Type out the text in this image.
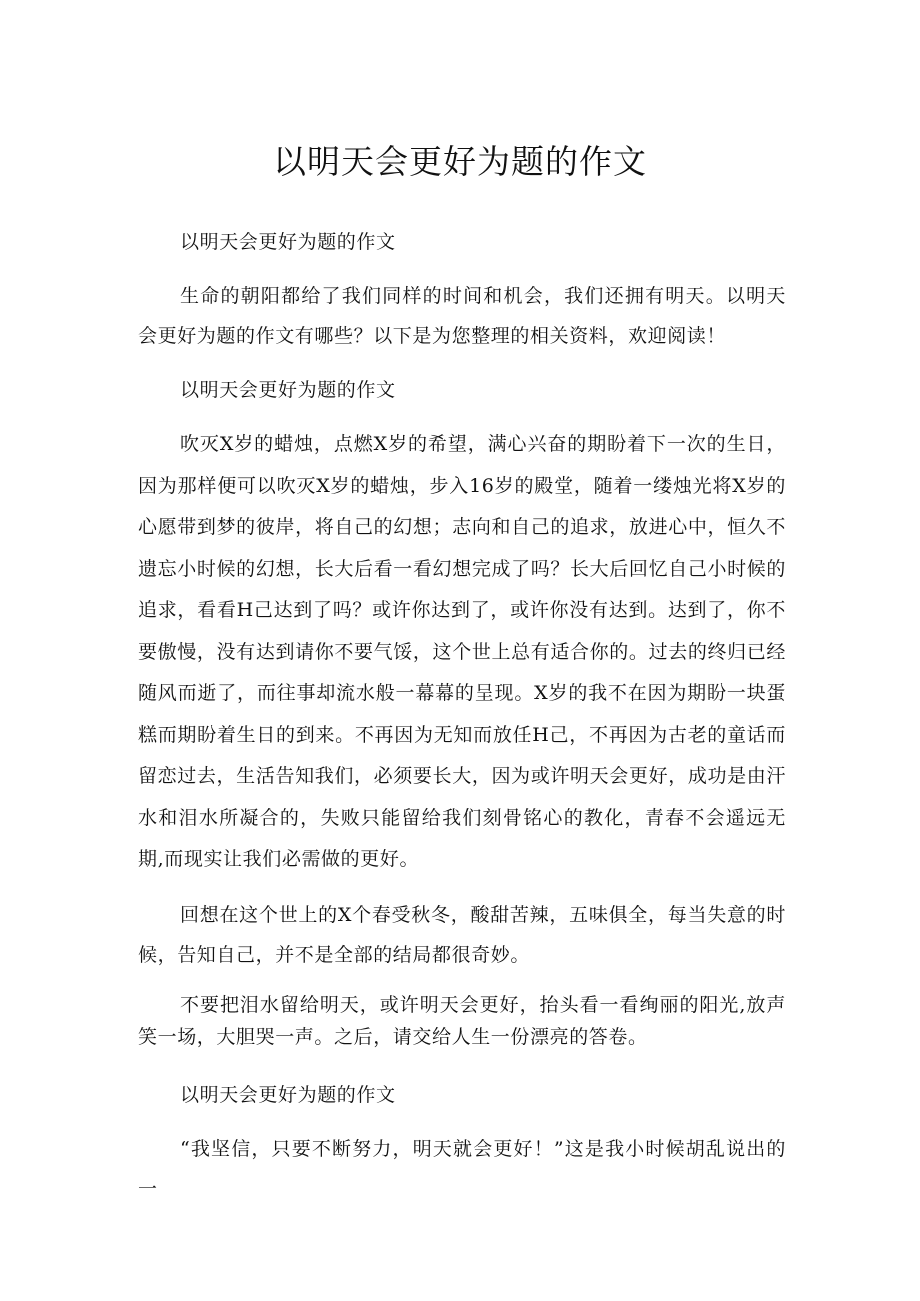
以明天会更好为题的作文

以明天会更好为题的作文

生命的朝阳都给了我们同样的时间和机会，我们还拥有明天。以明天会更好为题的作文有哪些？以下是为您整理的相关资料，欢迎阅读！

以明天会更好为题的作文

吹灭X岁的蜡烛，点燃X岁的希望，满心兴奋的期盼着下一次的生日，因为那样便可以吹灭X岁的蜡烛，步入16岁的殿堂，随着一缕烛光将X岁的心愿带到梦的彼岸，将自己的幻想；志向和自己的追求，放进心中，恒久不遗忘小时候的幻想，长大后看一看幻想完成了吗？长大后回忆自己小时候的追求，看看H己达到了吗？或许你达到了，或许你没有达到。达到了，你不要傲慢，没有达到请你不要气馁，这个世上总有适合你的。过去的终归已经随风而逝了，而往事却流水般一幕幕的呈现。X岁的我不在因为期盼一块蛋糕而期盼着生日的到来。不再因为无知而放任H己，不再因为古老的童话而留恋过去，生活告知我们，必须要长大，因为或许明天会更好，成功是由汗水和泪水所凝合的，失败只能留给我们刻骨铭心的教化，青春不会遥远无期,而现实让我们必需做的更好。

回想在这个世上的X个春受秋冬，酸甜苦辣，五味俱全，每当失意的时候，告知自己，并不是全部的结局都很奇妙。

不要把泪水留给明天，或许明天会更好，抬头看一看绚丽的阳光,放声笑一场，大胆哭一声。之后，请交给人生一份漂亮的答卷。

以明天会更好为题的作文

“我坚信，只要不断努力，明天就会更好！”这是我小时候胡乱说出的一
